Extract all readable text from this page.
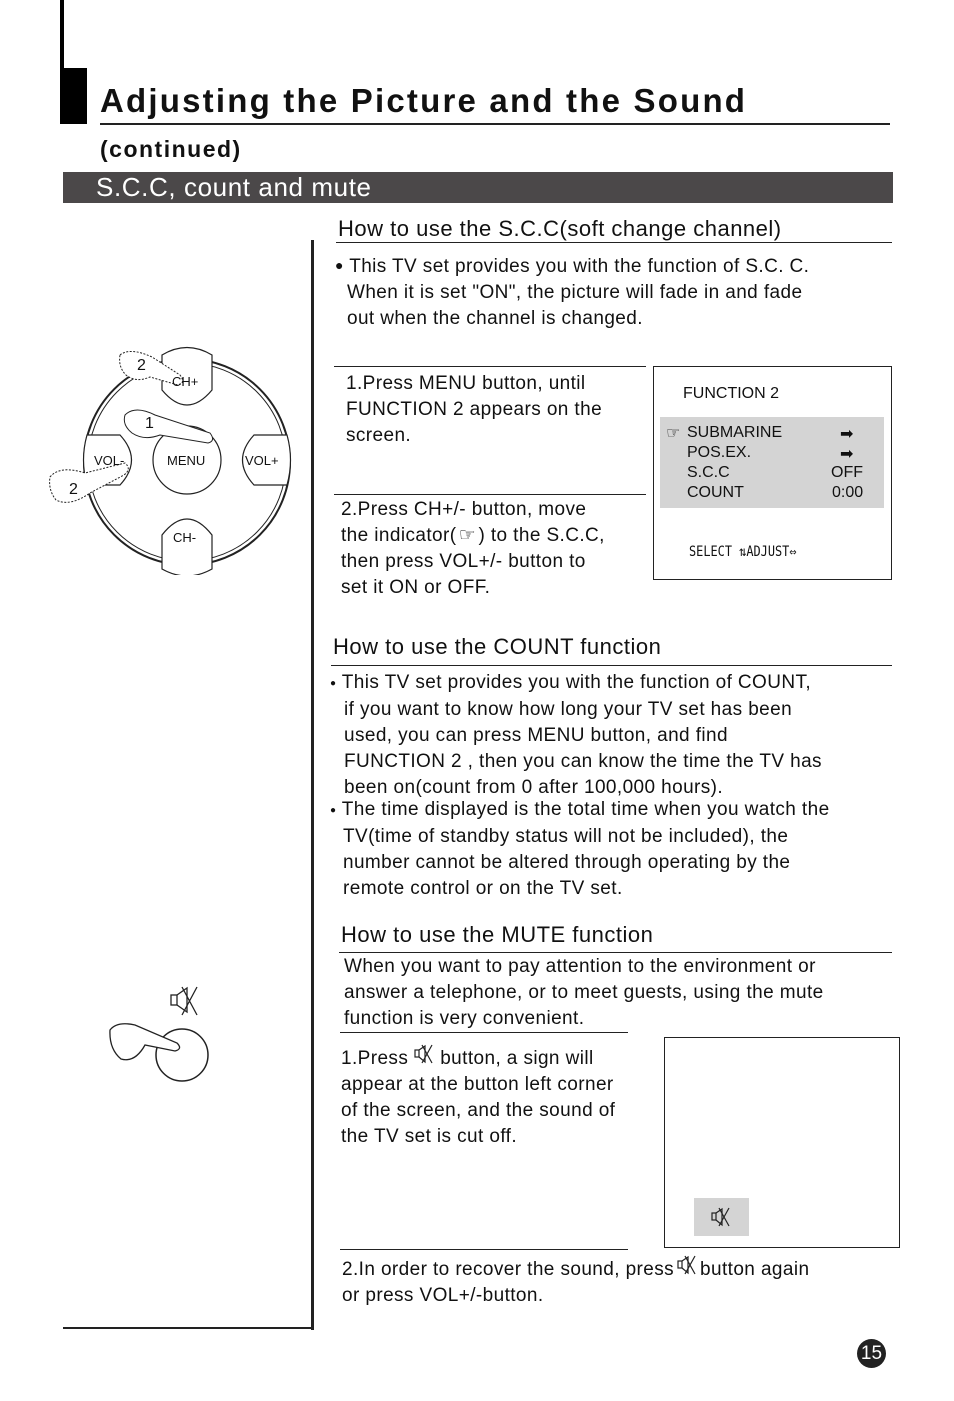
Adjusting the Picture and the Sound
(continued)
S.C.C, count and mute
2
1
2
CH+
CH-
VOL-	VOL+
MENU
How to use the S.C.C(soft change channel)
● This TV set provides you with the function of S.C. C.
When it is set "ON", the picture will fade in and fade
out when the channel is changed.
1.Press MENU button, until
FUNCTION 2 appears on the
screen.
2.Press CH+/- button, move
the indicator( ☞ ) to the S.C.C,
then press VOL+/- button to
set it ON or OFF.
FUNCTION 2
☞ SUBMARINE	➡
POS.EX.	➡
S.C.C	OFF
COUNT	0:00
SELECT ⇅ADJUST⇔
How to use the COUNT function
● This TV set provides you with the function of COUNT,
if you want to know how long your TV set has been
used, you can press MENU button, and find
FUNCTION 2 , then you can know the time the TV has
been on(count from 0 after 100,000 hours).
● The time displayed is the total time when you watch the
TV(time of standby status will not be included), the
number cannot be altered through operating by the
remote control or on the TV set.
How to use the MUTE function
When you want to pay attention to the environment or
answer a telephone, or to meet guests, using the mute
function is very convenient.
1.Press button, a sign will
appear at the button left corner
of the screen, and the sound of
the TV set is cut off.
2.In order to recover the sound, press button again
or press VOL+/-button.
15
